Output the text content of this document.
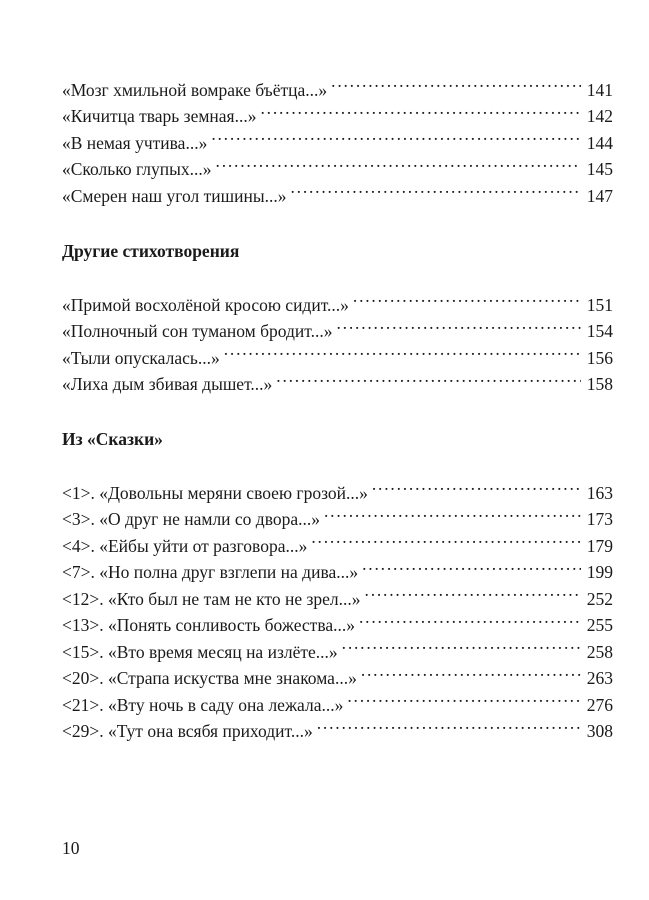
«Мозг хмильной вомраке бъётца...» .....	141
«Кичитца тварь земная...» .....	142
«В немая учтива...» .....	144
«Сколько глупых...» .....	145
«Смерен наш угол тишины...» .....	147
Другие стихотворения
«Примой восхолёной кросою сидит...» .....	151
«Полночный сон туманом бродит...» .....	154
«Тыли опускалась...» .....	156
«Лиха дым збивая дышет...» .....	158
Из «Сказки»
<1>. «Довольны меряни своею грозой...» .....	163
<3>. «О друг не намли со двора...» .....	173
<4>. «Ейбы уйти от разговора...» .....	179
<7>. «Но полна друг взглепи на дива...» .....	199
<12>. «Кто был не там не кто не зрел...» .....	252
<13>. «Понять сонливость божества...» .....	255
<15>. «Вто время месяц на излёте...» .....	258
<20>. «Страпа искуства мне знакома...» .....	263
<21>. «Вту ночь в саду она лежала...» .....	276
<29>. «Тут она всябя приходит...» .....	308
10
